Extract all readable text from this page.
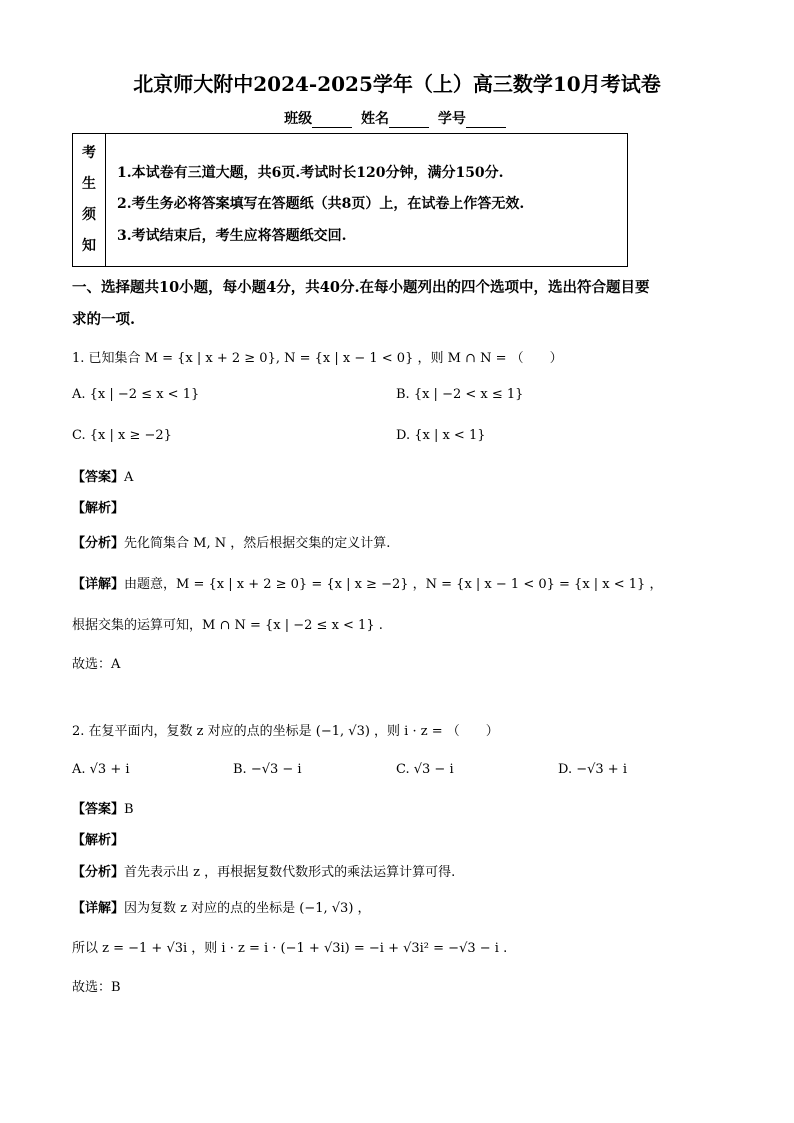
北京师大附中2024-2025学年（上）高三数学10月考试卷
班级	姓名	学号
考
生
须
知
1.本试卷有三道大题，共6页.考试时长120分钟，满分150分.
2.考生务必将答案填写在答题纸（共8页）上，在试卷上作答无效.
3.考试结束后，考生应将答题纸交回.
一、选择题共10小题，每小题4分，共40分.在每小题列出的四个选项中，选出符合题目要
求的一项.
1. 已知集合 M = {x | x + 2 ≥ 0}, N = {x | x − 1 < 0} ，则 M ∩ N = （　　）
A. {x | −2 ≤ x < 1}	B. {x | −2 < x ≤ 1}
C. {x | x ≥ −2}	D. {x | x < 1}
【答案】A
【解析】
【分析】先化简集合 M, N ，然后根据交集的定义计算.
【详解】由题意，M = {x | x + 2 ≥ 0} = {x | x ≥ −2} ，N = {x | x − 1 < 0} = {x | x < 1} ，
根据交集的运算可知，M ∩ N = {x | −2 ≤ x < 1} .
故选：A
2. 在复平面内，复数 z 对应的点的坐标是 (−1, √3) ，则 i · z = （　　）
A. √3 + i	B. −√3 − i	C. √3 − i	D. −√3 + i
【答案】B
【解析】
【分析】首先表示出 z ，再根据复数代数形式的乘法运算计算可得.
【详解】因为复数 z 对应的点的坐标是 (−1, √3) ，
所以 z = −1 + √3i ，则 i · z = i · (−1 + √3i) = −i + √3i² = −√3 − i .
故选：B
